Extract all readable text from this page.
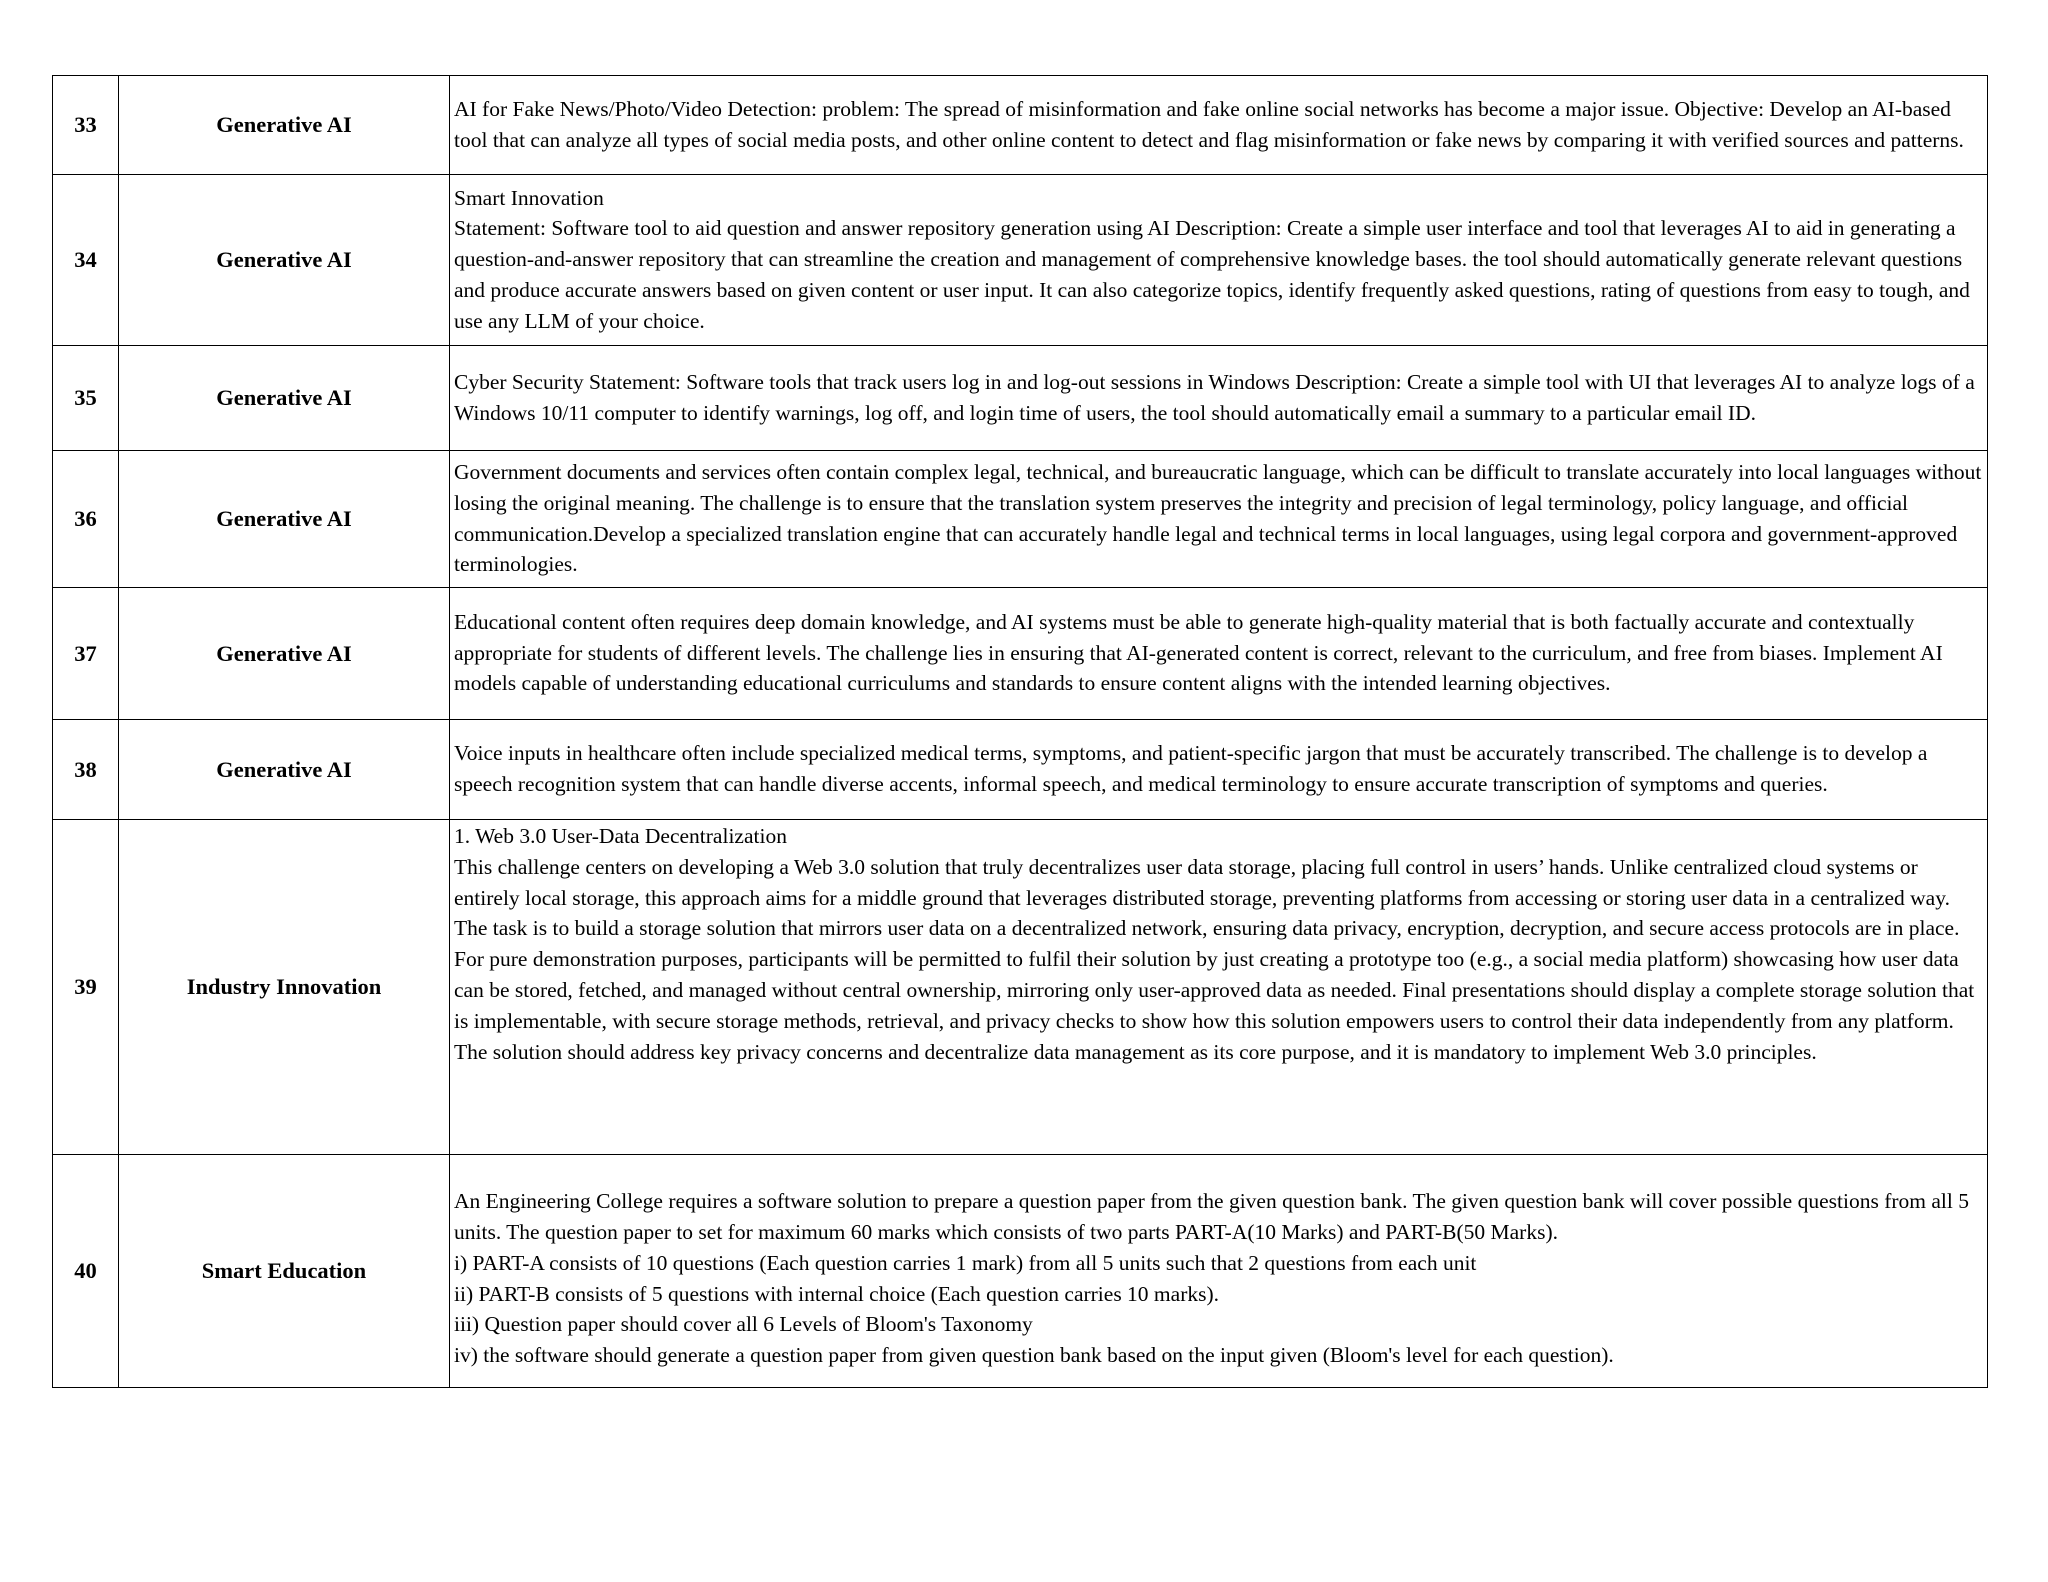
33	Generative AI	AI for Fake News/Photo/Video Detection: problem: The spread of misinformation and fake online social networks has become a major issue. Objective: Develop an AI-based tool that can analyze all types of social media posts, and other online content to detect and flag misinformation or fake news by comparing it with verified sources and patterns.

34	Generative AI	Smart Innovation
Statement: Software tool to aid question and answer repository generation using AI Description: Create a simple user interface and tool that leverages AI to aid in generating a question-and-answer repository that can streamline the creation and management of comprehensive knowledge bases. the tool should automatically generate relevant questions and produce accurate answers based on given content or user input. It can also categorize topics, identify frequently asked questions, rating of questions from easy to tough, and use any LLM of your choice.

35	Generative AI	Cyber Security Statement: Software tools that track users log in and log-out sessions in Windows Description: Create a simple tool with UI that leverages AI to analyze logs of a Windows 10/11 computer to identify warnings, log off, and login time of users, the tool should automatically email a summary to a particular email ID.

36	Generative AI	Government documents and services often contain complex legal, technical, and bureaucratic language, which can be difficult to translate accurately into local languages without losing the original meaning. The challenge is to ensure that the translation system preserves the integrity and precision of legal terminology, policy language, and official communication.Develop a specialized translation engine that can accurately handle legal and technical terms in local languages, using legal corpora and government-approved terminologies.

37	Generative AI	Educational content often requires deep domain knowledge, and AI systems must be able to generate high-quality material that is both factually accurate and contextually appropriate for students of different levels. The challenge lies in ensuring that AI-generated content is correct, relevant to the curriculum, and free from biases. Implement AI models capable of understanding educational curriculums and standards to ensure content aligns with the intended learning objectives.

38	Generative AI	Voice inputs in healthcare often include specialized medical terms, symptoms, and patient-specific jargon that must be accurately transcribed. The challenge is to develop a speech recognition system that can handle diverse accents, informal speech, and medical terminology to ensure accurate transcription of symptoms and queries.

39	Industry Innovation	1. Web 3.0 User-Data Decentralization
This challenge centers on developing a Web 3.0 solution that truly decentralizes user data storage, placing full control in users’ hands. Unlike centralized cloud systems or entirely local storage, this approach aims for a middle ground that leverages distributed storage, preventing platforms from accessing or storing user data in a centralized way. The task is to build a storage solution that mirrors user data on a decentralized network, ensuring data privacy, encryption, decryption, and secure access protocols are in place. For pure demonstration purposes, participants will be permitted to fulfil their solution by just creating a prototype too (e.g., a social media platform) showcasing how user data can be stored, fetched, and managed without central ownership, mirroring only user-approved data as needed. Final presentations should display a complete storage solution that is implementable, with secure storage methods, retrieval, and privacy checks to show how this solution empowers users to control their data independently from any platform. The solution should address key privacy concerns and decentralize data management as its core purpose, and it is mandatory to implement Web 3.0 principles.

40	Smart Education	An Engineering College requires a software solution to prepare a question paper from the given question bank. The given question bank will cover possible questions from all 5 units. The question paper to set for maximum 60 marks which consists of two parts PART-A(10 Marks) and PART-B(50 Marks).
i) PART-A consists of 10 questions (Each question carries 1 mark) from all 5 units such that 2 questions from each unit
ii) PART-B consists of 5 questions with internal choice (Each question carries 10 marks).
iii) Question paper should cover all 6 Levels of Bloom's Taxonomy
iv) the software should generate a question paper from given question bank based on the input given (Bloom's level for each question).
